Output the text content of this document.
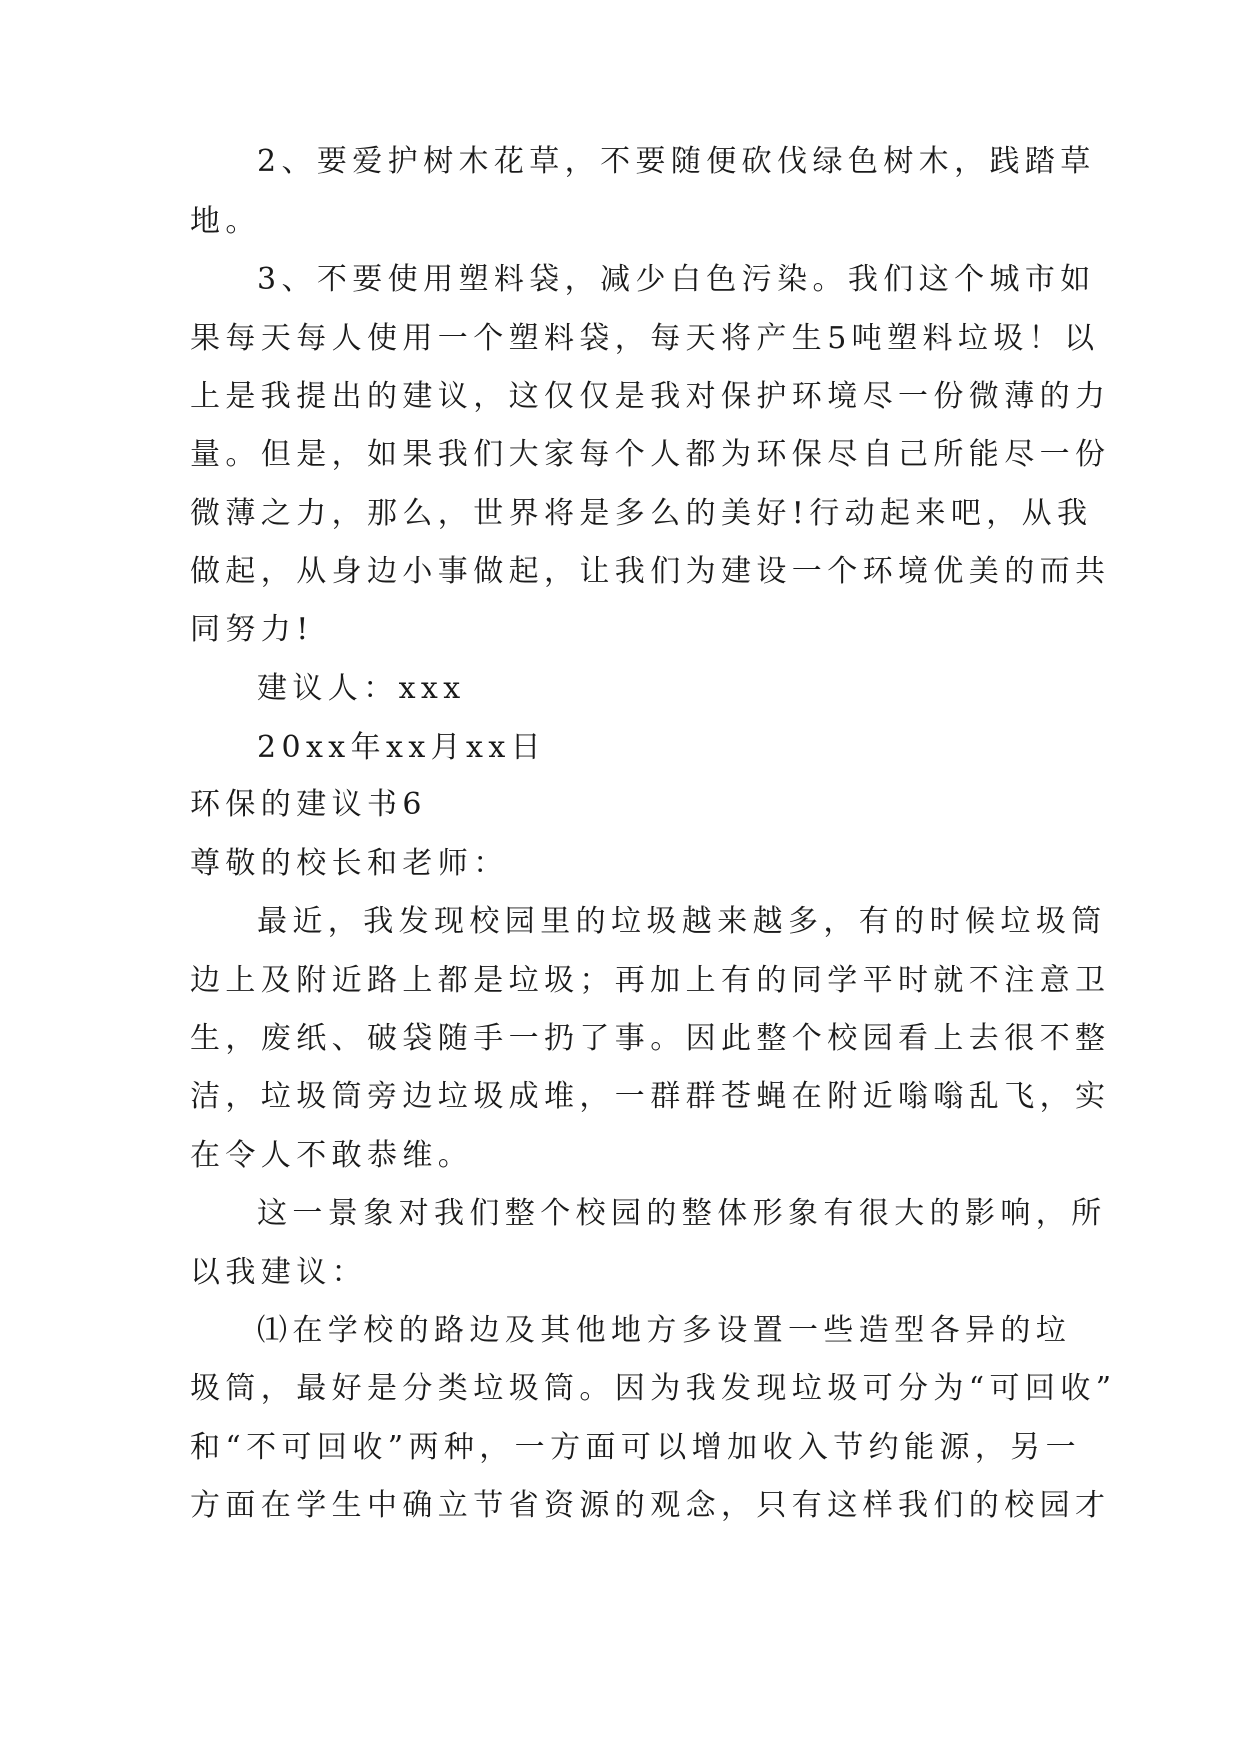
2、要爱护树木花草，不要随便砍伐绿色树木，践踏草
地。
3、不要使用塑料袋，减少白色污染。我们这个城市如
果每天每人使用一个塑料袋，每天将产生5吨塑料垃圾！以
上是我提出的建议，这仅仅是我对保护环境尽一份微薄的力
量。但是，如果我们大家每个人都为环保尽自己所能尽一份
微薄之力，那么，世界将是多么的美好!行动起来吧，从我
做起，从身边小事做起，让我们为建设一个环境优美的而共
同努力!
建议人：xxx
20xx年xx月xx日
环保的建议书6
尊敬的校长和老师：
最近，我发现校园里的垃圾越来越多，有的时候垃圾筒
边上及附近路上都是垃圾；再加上有的同学平时就不注意卫
生，废纸、破袋随手一扔了事。因此整个校园看上去很不整
洁，垃圾筒旁边垃圾成堆，一群群苍蝇在附近嗡嗡乱飞，实
在令人不敢恭维。
这一景象对我们整个校园的整体形象有很大的影响，所
以我建议：
⑴在学校的路边及其他地方多设置一些造型各异的垃
圾筒，最好是分类垃圾筒。因为我发现垃圾可分为“可回收”
和“不可回收”两种，一方面可以增加收入节约能源，另一
方面在学生中确立节省资源的观念，只有这样我们的校园才
